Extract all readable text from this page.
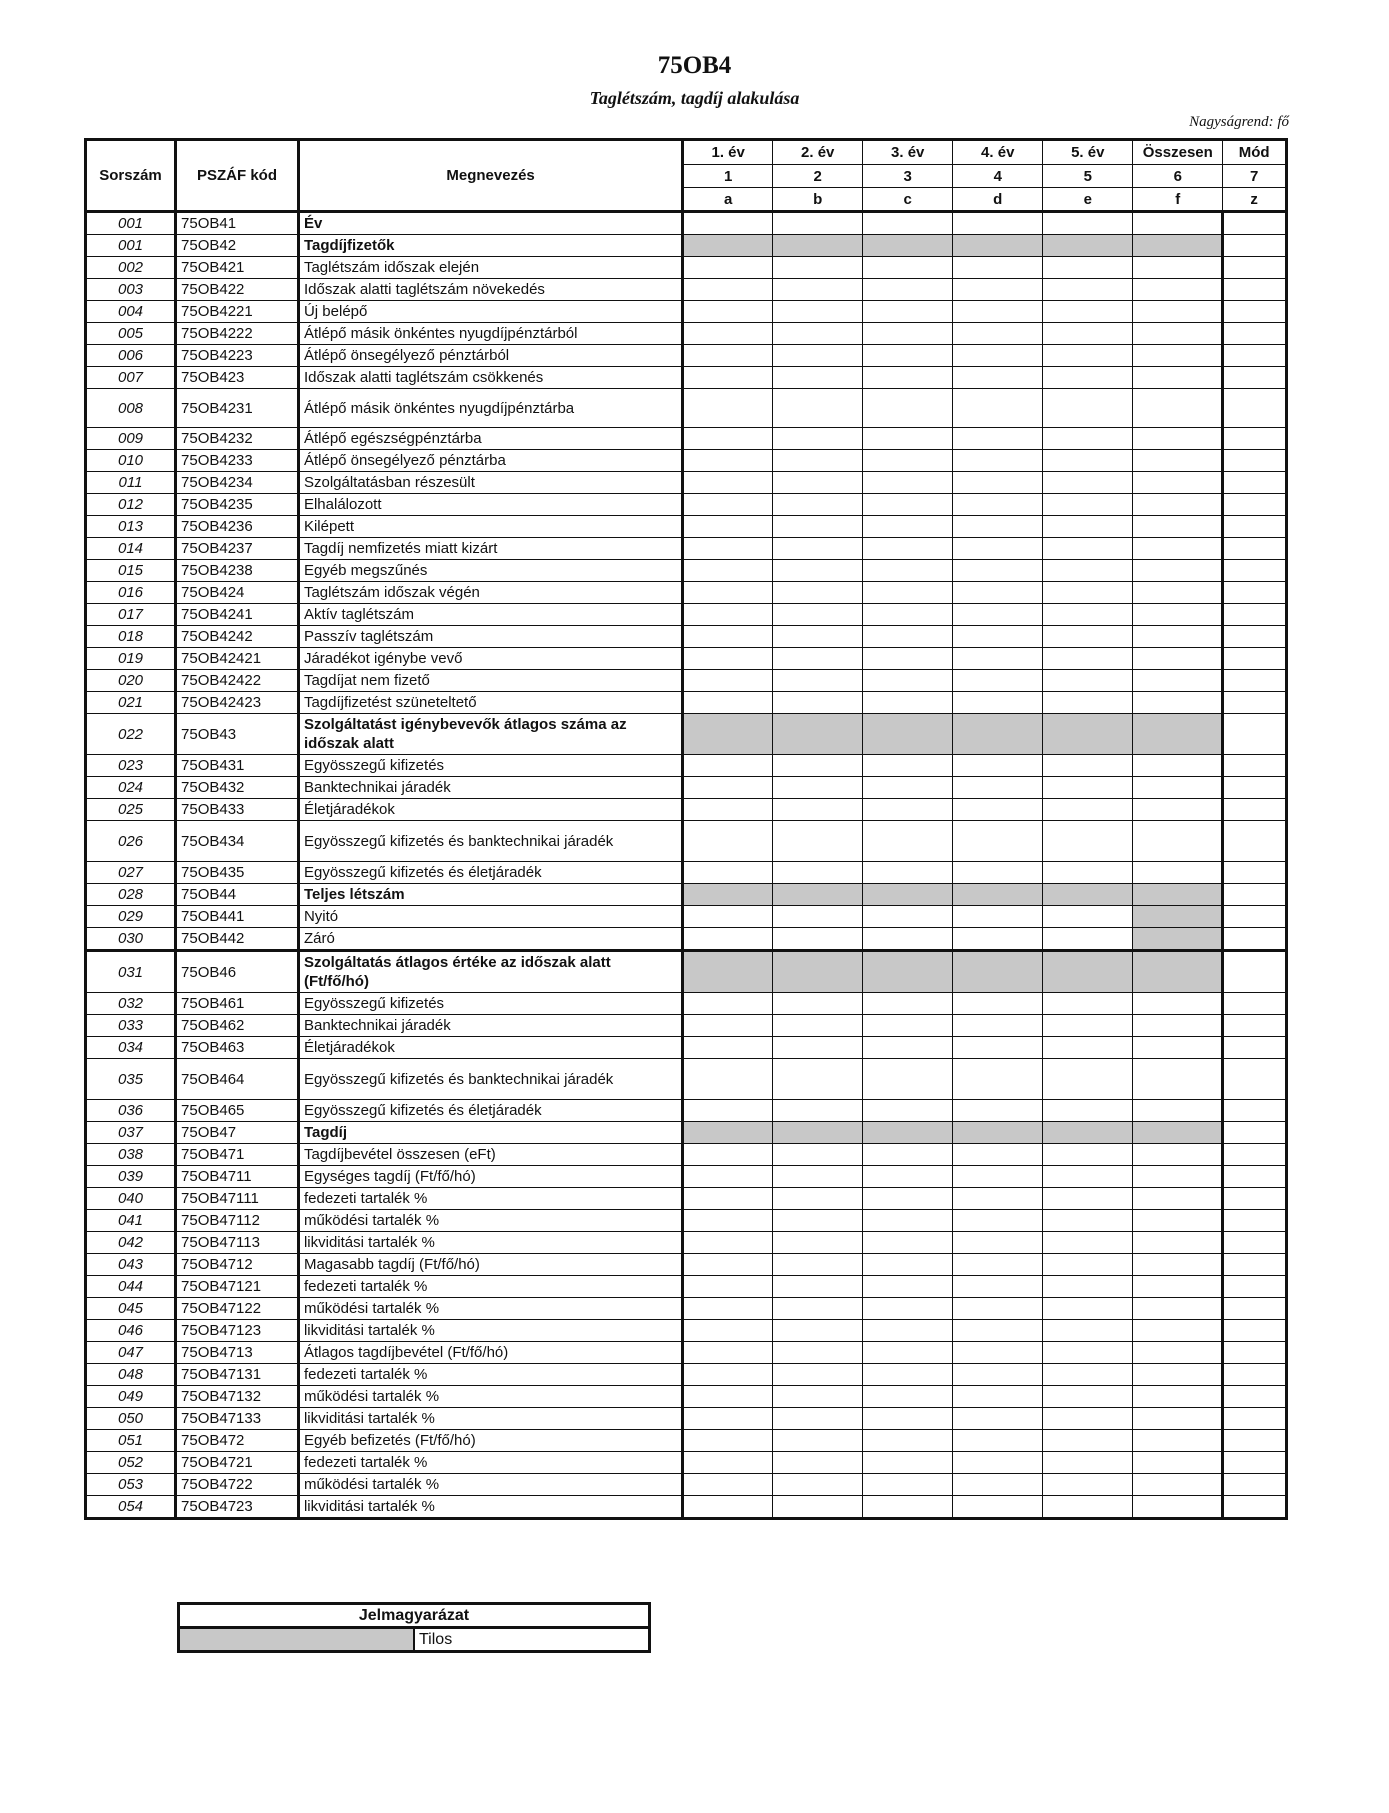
75OB4
Taglétszám, tagdíj alakulása
Nagyságrend: fő
Sorszám	PSZÁF kód	Megnevezés	1. év	2. év	3. év	4. év	5. év	Összesen	Mód
			1	2	3	4	5	6	7
			a	b	c	d	e	f	z
001	75OB41	Év							
001	75OB42	Tagdíjfizetők							
002	75OB421	Taglétszám időszak elején							
003	75OB422	Időszak alatti taglétszám növekedés							
004	75OB4221	Új belépő							
005	75OB4222	Átlépő másik önkéntes nyugdíjpénztárból							
006	75OB4223	Átlépő önsegélyező pénztárból							
007	75OB423	Időszak alatti taglétszám csökkenés							
008	75OB4231	Átlépő másik önkéntes nyugdíjpénztárba							
009	75OB4232	Átlépő egészségpénztárba							
010	75OB4233	Átlépő önsegélyező pénztárba							
011	75OB4234	Szolgáltatásban részesült							
012	75OB4235	Elhalálozott							
013	75OB4236	Kilépett							
014	75OB4237	Tagdíj nemfizetés miatt kizárt							
015	75OB4238	Egyéb megszűnés							
016	75OB424	Taglétszám időszak végén							
017	75OB4241	Aktív taglétszám							
018	75OB4242	Passzív taglétszám							
019	75OB42421	Járadékot igénybe vevő							
020	75OB42422	Tagdíjat nem fizető							
021	75OB42423	Tagdíjfizetést szüneteltető							
022	75OB43	Szolgáltatást igénybevevők átlagos száma az időszak alatt							
023	75OB431	Egyösszegű kifizetés							
024	75OB432	Banktechnikai járadék							
025	75OB433	Életjáradékok							
026	75OB434	Egyösszegű kifizetés és banktechnikai járadék							
027	75OB435	Egyösszegű kifizetés és életjáradék							
028	75OB44	Teljes létszám							
029	75OB441	Nyitó							
030	75OB442	Záró							
031	75OB46	Szolgáltatás átlagos értéke az időszak alatt (Ft/fő/hó)							
032	75OB461	Egyösszegű kifizetés							
033	75OB462	Banktechnikai járadék							
034	75OB463	Életjáradékok							
035	75OB464	Egyösszegű kifizetés és banktechnikai járadék							
036	75OB465	Egyösszegű kifizetés és életjáradék							
037	75OB47	Tagdíj							
038	75OB471	Tagdíjbevétel összesen (eFt)							
039	75OB4711	Egységes tagdíj (Ft/fő/hó)							
040	75OB47111	fedezeti tartalék %							
041	75OB47112	működési tartalék %							
042	75OB47113	likviditási tartalék %							
043	75OB4712	Magasabb tagdíj (Ft/fő/hó)							
044	75OB47121	fedezeti tartalék %							
045	75OB47122	működési tartalék %							
046	75OB47123	likviditási tartalék %							
047	75OB4713	Átlagos tagdíjbevétel (Ft/fő/hó)							
048	75OB47131	fedezeti tartalék %							
049	75OB47132	működési tartalék %							
050	75OB47133	likviditási tartalék %							
051	75OB472	Egyéb befizetés (Ft/fő/hó)							
052	75OB4721	fedezeti tartalék %							
053	75OB4722	működési tartalék %							
054	75OB4723	likviditási tartalék %							
Jelmagyarázat
	Tilos
